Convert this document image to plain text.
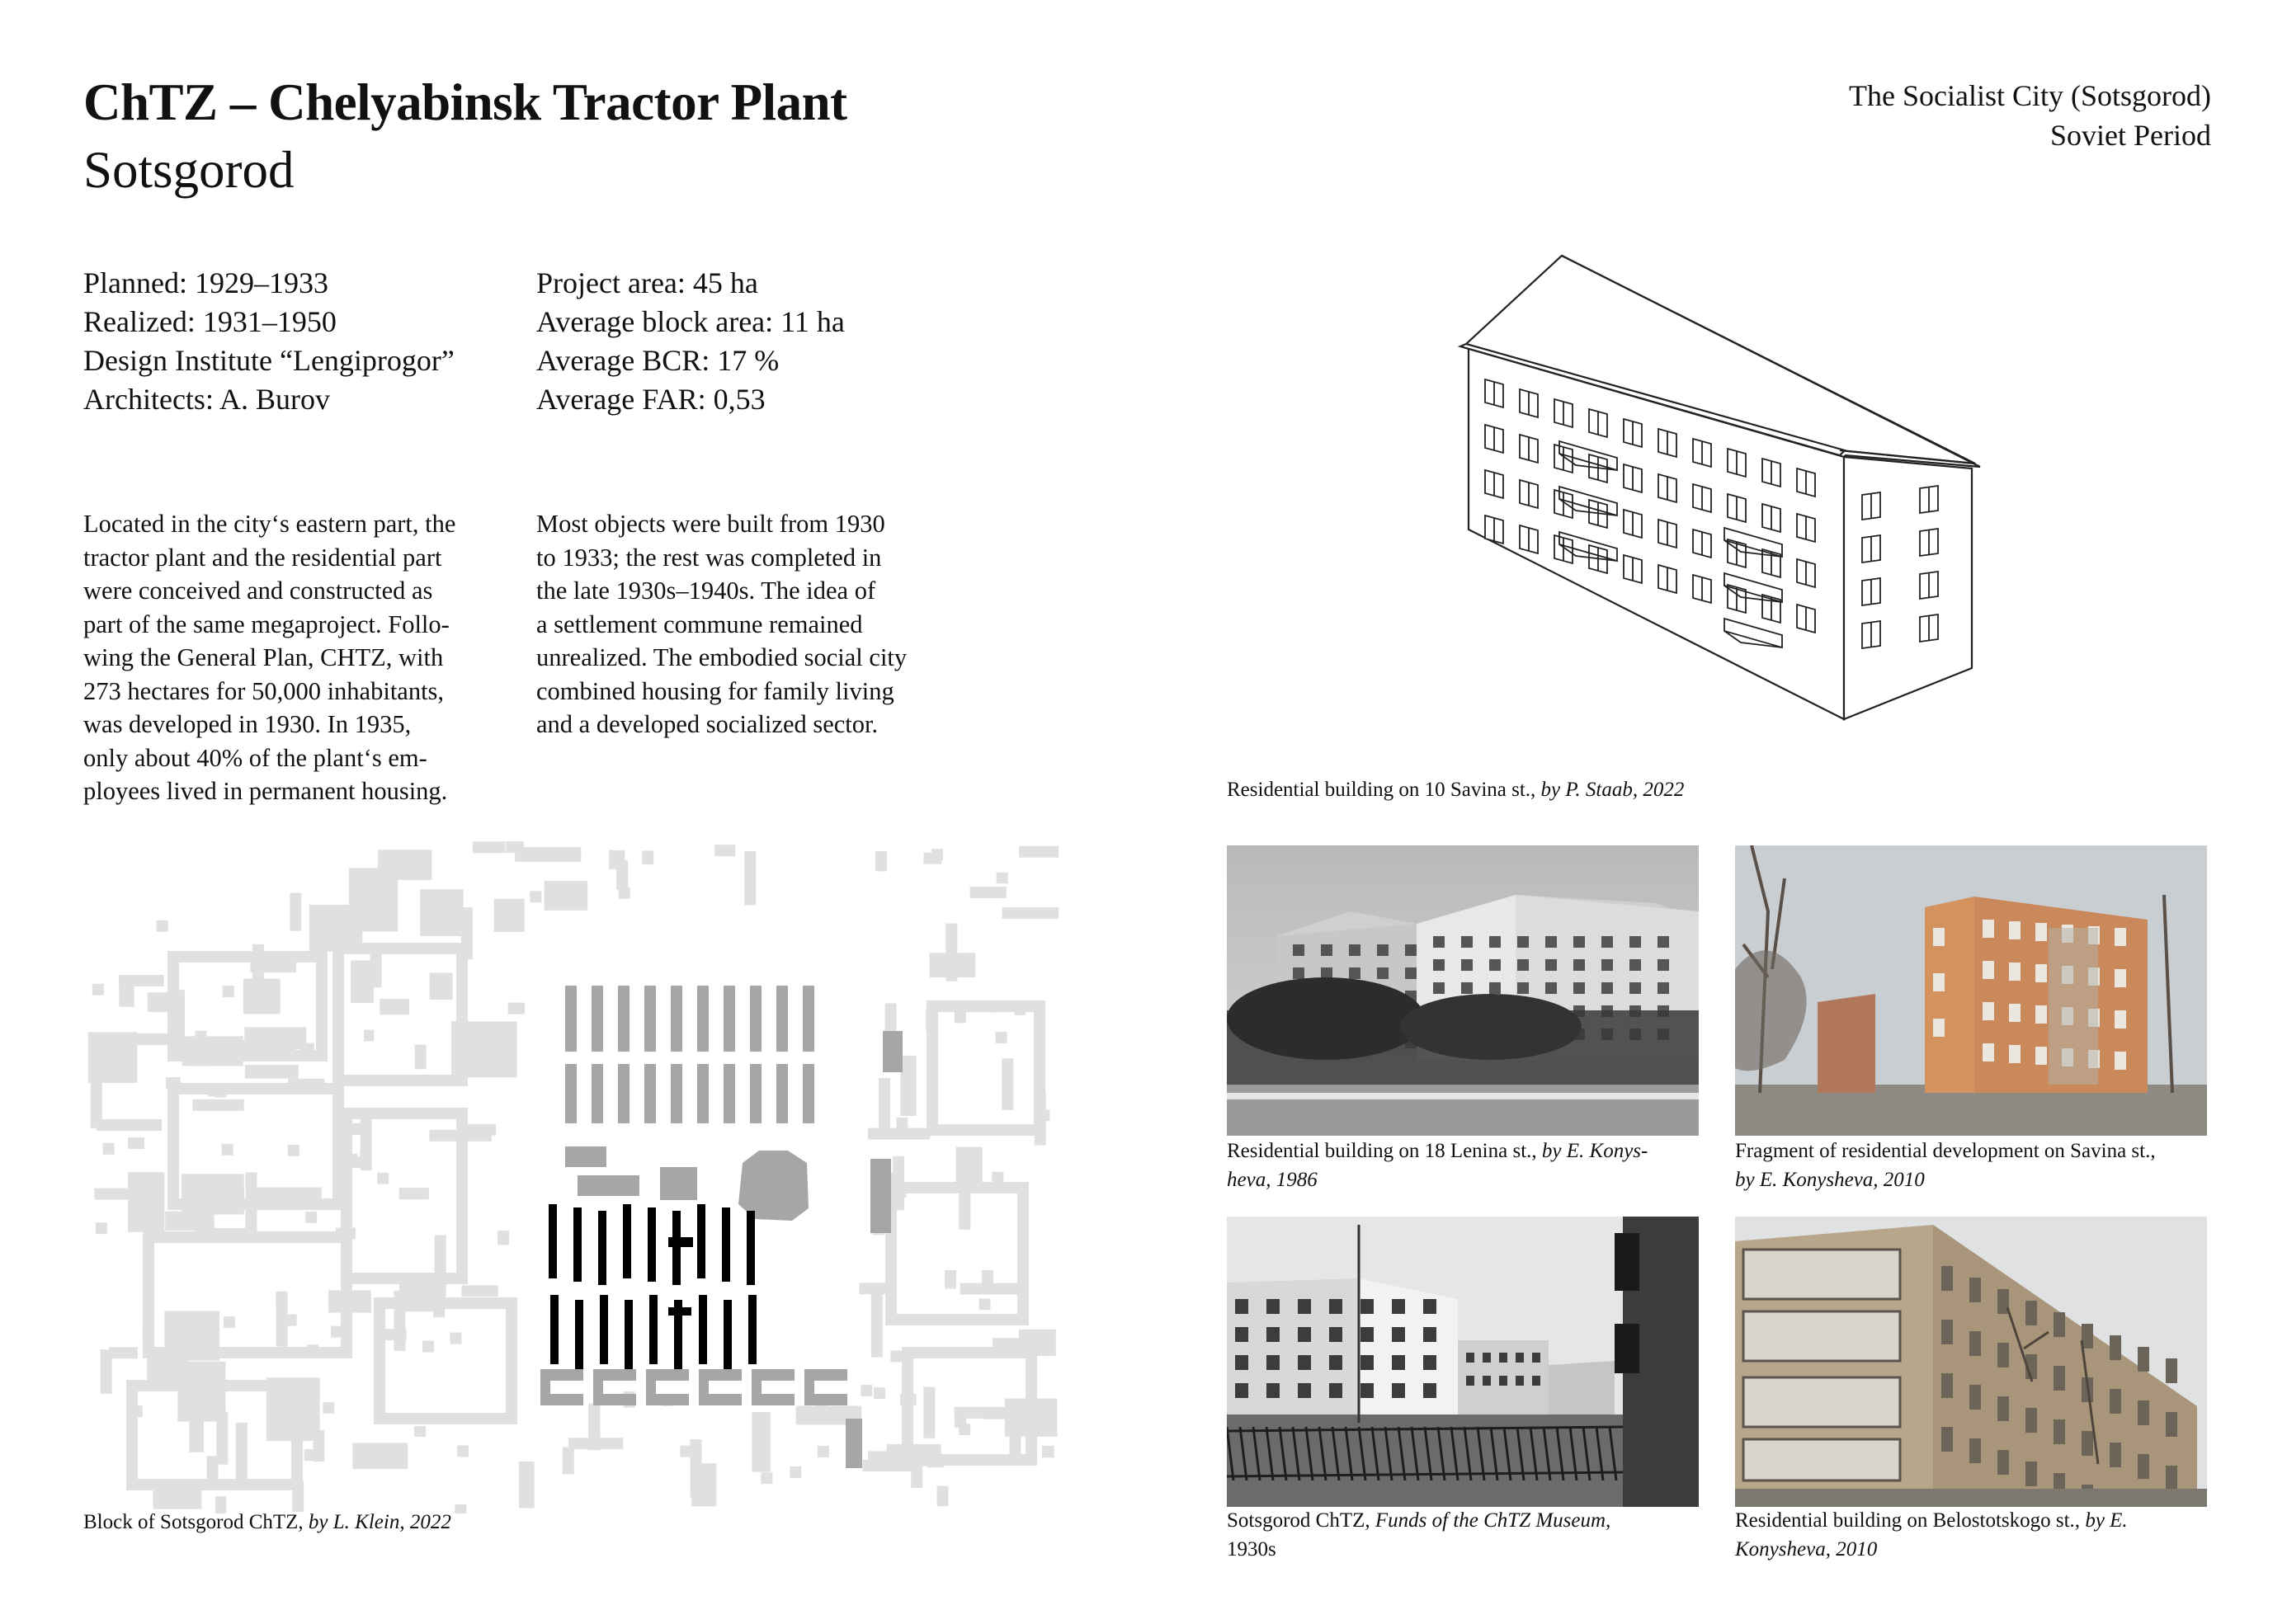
ChTZ – Chelyabinsk Tractor Plant
Sotsgorod
The Socialist City (Sotsgorod)
Soviet Period
Planned: 1929–1933
Realized: 1931–1950
Design Institute “Lengiprogor”
Architects: A. Burov
Project area: 45 ha
Average block area: 11 ha
Average BCR: 17 %
Average FAR: 0,53
Located in the city‘s eastern part, the
tractor plant and the residential part
were conceived and constructed as
part of the same megaproject. Follo-
wing the General Plan, CHTZ, with
273 hectares for 50,000 inhabitants,
was developed in 1930. In 1935,
only about 40% of the plant‘s em-
ployees lived in permanent housing.
Most objects were built from 1930
to 1933; the rest was completed in
the late 1930s–1940s. The idea of
a settlement commune remained
unrealized. The embodied social city
combined housing for family living
and a developed socialized sector.
Residential building on 10 Savina st., by P. Staab, 2022
Block of Sotsgorod ChTZ, by L. Klein, 2022
Residential building on 18 Lenina st., by E. Konys-
heva, 1986
Fragment of residential development on Savina st.,
by E. Konysheva, 2010
Sotsgorod ChTZ, Funds of the ChTZ Museum,
1930s
Residential building on Belostotskogo st., by E.
Konysheva, 2010
